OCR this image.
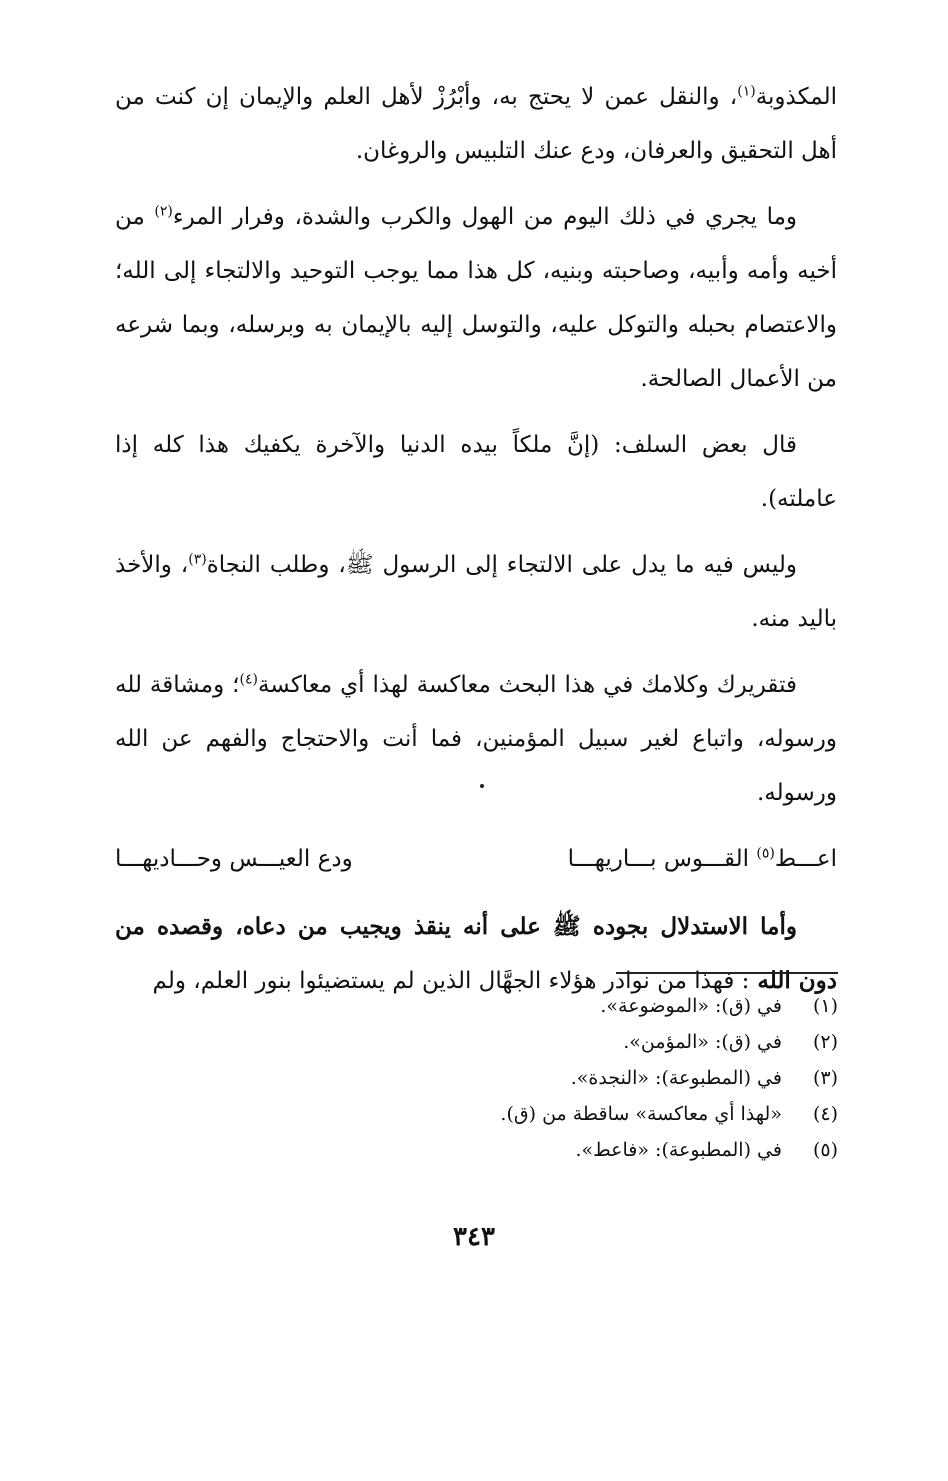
المكذوبة$^{(١)}$، والنقل عمن لا يحتج به، وأبْرُزْ لأهل العلم والإيمان إن كنت من أهل التحقيق والعرفان، ودع عنك التلبيس والروغان.

وما يجري في ذلك اليوم من الهول والكرب والشدة، وفرار المرء$^{(٢)}$ من أخيه وأمه وأبيه، وصاحبته وبنيه، كل هذا مما يوجب التوحيد والالتجاء إلى الله؛ والاعتصام بحبله والتوكل عليه، والتوسل إليه بالإيمان به وبرسله، وبما شرعه من الأعمال الصالحة.

قال بعض السلف: (إنَّ ملكاً بيده الدنيا والآخرة يكفيك هذا كله إذا عاملته).

وليس فيه ما يدل على الالتجاء إلى الرسول ﷺ، وطلب النجاة$^{(٣)}$، والأخذ باليد منه.

فتقريرك وكلامك في هذا البحث معاكسة لهذا أي معاكسة$^{(٤)}$؛ ومشاقة لله ورسوله، واتباع لغير سبيل المؤمنين، فما أنت والاحتجاج والفهم عن الله ورسوله.

اعـــط$^{(٥)}$ القـــوس بـــاريهـــا
ودع العيـــس وحـــاديهـــا

وأما الاستدلال بجوده ﷺ على أنه ينقذ ويجيب من دعاه، وقصده من دون الله : فهذا من نوادر هؤلاء الجهَّال الذين لم يستضيئوا بنور العلم، ولم

(١) في (ق): «الموضوعة».
(٢) في (ق): «المؤمن».
(٣) في (المطبوعة): «النجدة».
(٤) «لهذا أي معاكسة» ساقطة من (ق).
(٥) في (المطبوعة): «فاعط».
٣٤٣
